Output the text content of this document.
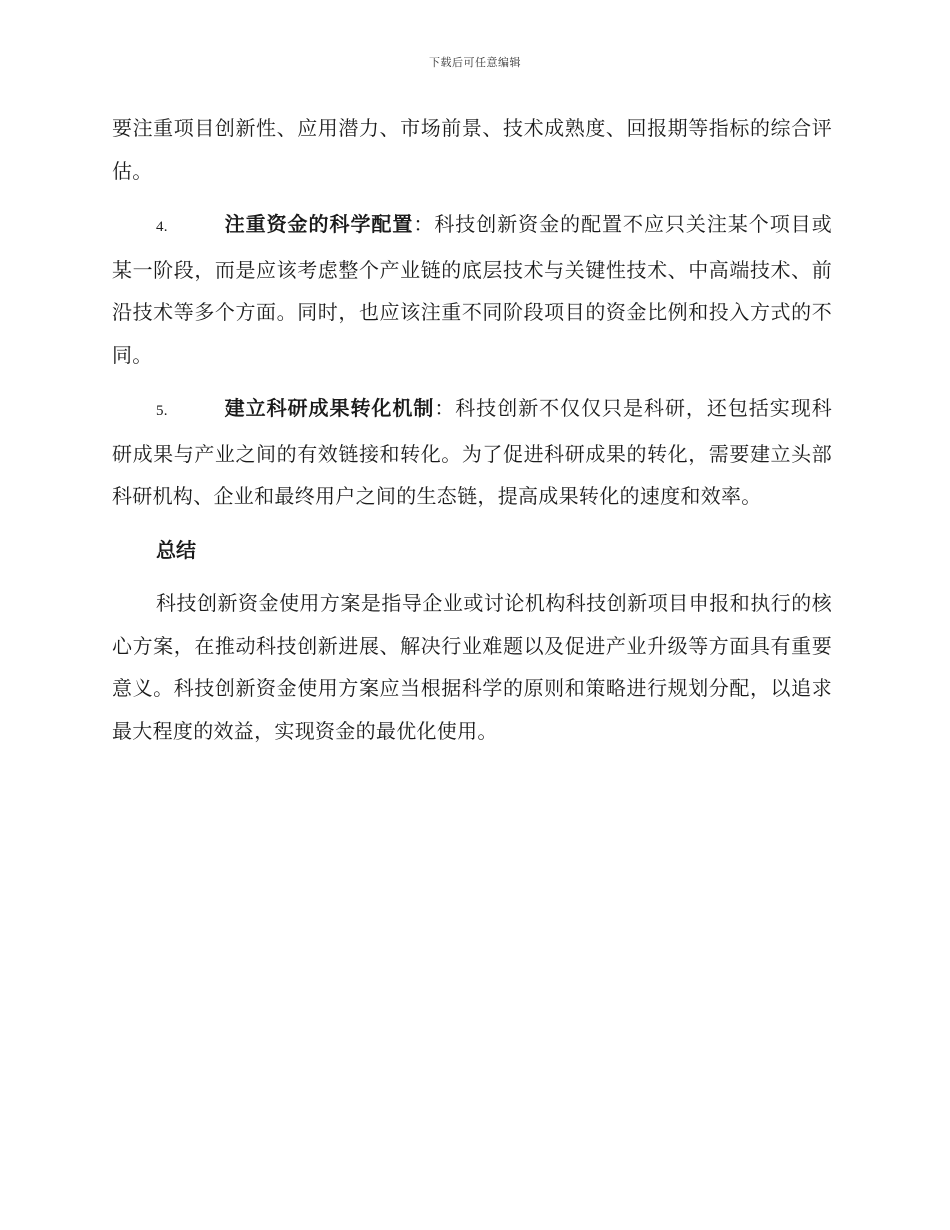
下载后可任意编辑

要注重项目创新性、应用潜力、市场前景、技术成熟度、回报期等指标的综合评估。

4.	注重资金的科学配置：科技创新资金的配置不应只关注某个项目或某一阶段，而是应该考虑整个产业链的底层技术与关键性技术、中高端技术、前沿技术等多个方面。同时，也应该注重不同阶段项目的资金比例和投入方式的不同。

5.	建立科研成果转化机制：科技创新不仅仅只是科研，还包括实现科研成果与产业之间的有效链接和转化。为了促进科研成果的转化，需要建立头部科研机构、企业和最终用户之间的生态链，提高成果转化的速度和效率。

总结

科技创新资金使用方案是指导企业或讨论机构科技创新项目申报和执行的核心方案，在推动科技创新进展、解决行业难题以及促进产业升级等方面具有重要意义。科技创新资金使用方案应当根据科学的原则和策略进行规划分配，以追求最大程度的效益，实现资金的最优化使用。
